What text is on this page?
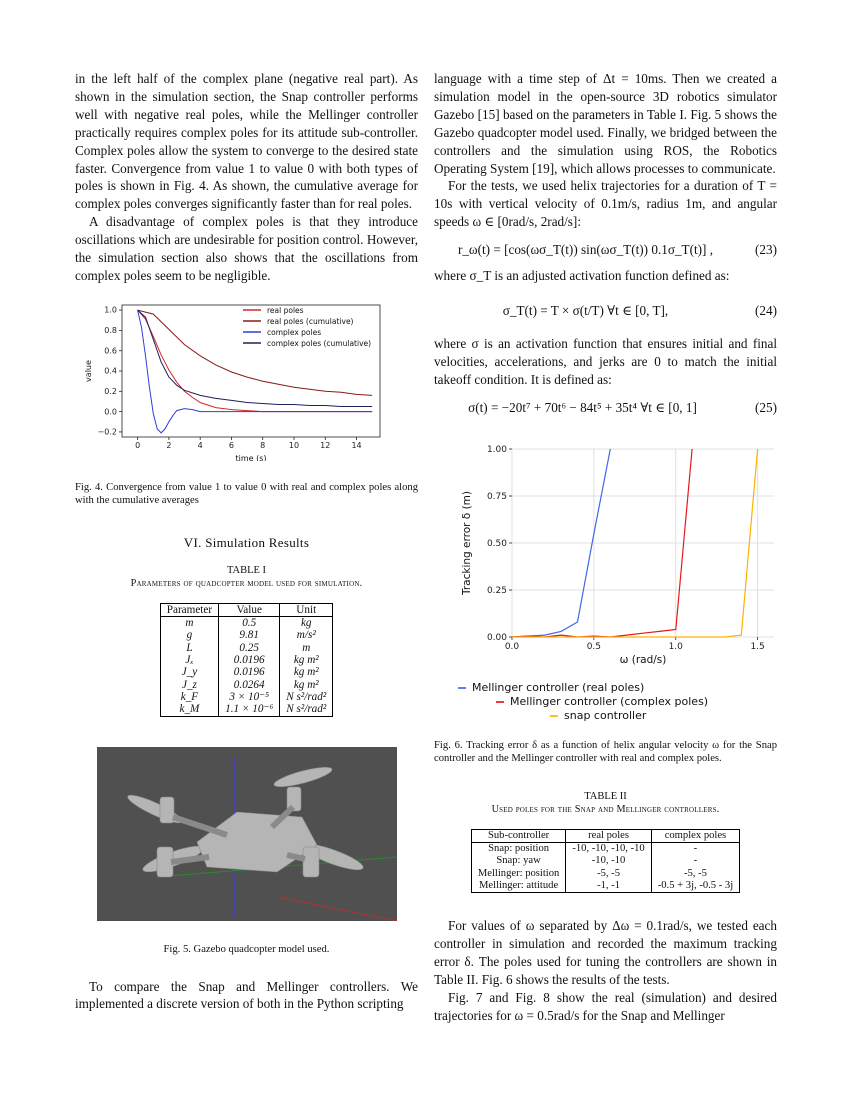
in the left half of the complex plane (negative real part). As shown in the simulation section, the Snap controller performs well with negative real poles, while the Mellinger controller practically requires complex poles for its attitude sub-controller. Complex poles allow the system to converge to the desired state faster. Convergence from value 1 to value 0 with both types of poles is shown in Fig. 4. As shown, the cumulative average for complex poles converges significantly faster than for real poles.

A disadvantage of complex poles is that they introduce oscillations which are undesirable for position control. However, the simulation section also shows that the oscillations from complex poles seem to be negligible.

0	2	4	6	8	10	12	14
−0.2
0.0
0.2
0.4
0.6
0.8
1.0
time (s)
value
real poles
real poles (cumulative)
complex poles
complex poles (cumulative)

Fig. 4. Convergence from value 1 to value 0 with real and complex poles along with the cumulative averages

VI. Simulation Results
TABLE I
Parameters of quadcopter model used for simulation.
Parameter	Value	Unit
m	0.5	kg
g	9.81	m/s²
L	0.25	m
Jₓ	0.0196	kg m²
J_y	0.0196	kg m²
J_z	0.0264	kg m²
k_F	3 × 10⁻⁵	N s²/rad²
k_M	1.1 × 10⁻⁶	N s²/rad²

Fig. 5. Gazebo quadcopter model used.

To compare the Snap and Mellinger controllers. We implemented a discrete version of both in the Python scripting

language with a time step of Δt = 10ms. Then we created a simulation model in the open-source 3D robotics simulator Gazebo [15] based on the parameters in Table I. Fig. 5 shows the Gazebo quadcopter model used. Finally, we bridged between the controllers and the simulation using ROS, the Robotics Operating System [19], which allows processes to communicate.

For the tests, we used helix trajectories for a duration of T = 10s with vertical velocity of 0.1m/s, radius 1m, and angular speeds ω ∈ [0rad/s, 2rad/s]:

r_ω(t) = [cos(ωσ_T(t)) sin(ωσ_T(t)) 0.1σ_T(t)] ,	(23)

where σ_T is an adjusted activation function defined as:

σ_T(t) = T × σ(t/T) ∀t ∈ [0, T],	(24)

where σ is an activation function that ensures initial and final velocities, accelerations, and jerks are 0 to match the initial takeoff condition. It is defined as:

σ(t) = −20t⁷ + 70t⁶ − 84t⁵ + 35t⁴ ∀t ∈ [0, 1]	(25)
0.0	0.5	1.0	1.5
0.00
0.25
0.50
0.75
1.00
ω (rad/s)
Tracking error δ (m)
Mellinger controller (real poles)
Mellinger controller (complex poles)
snap controller

Fig. 6. Tracking error δ as a function of helix angular velocity ω for the Snap controller and the Mellinger controller with real and complex poles.

TABLE II
Used poles for the Snap and Mellinger controllers.
Sub-controller	real poles	complex poles
Snap: position	-10, -10, -10, -10	-
Snap: yaw	-10, -10	-
Mellinger: position	-5, -5	-5, -5
Mellinger: attitude	-1, -1	-0.5 + 3j, -0.5 - 3j

For values of ω separated by Δω = 0.1rad/s, we tested each controller in simulation and recorded the maximum tracking error δ. The poles used for tuning the controllers are shown in Table II. Fig. 6 shows the results of the tests.

Fig. 7 and Fig. 8 show the real (simulation) and desired trajectories for ω = 0.5rad/s for the Snap and Mellinger
